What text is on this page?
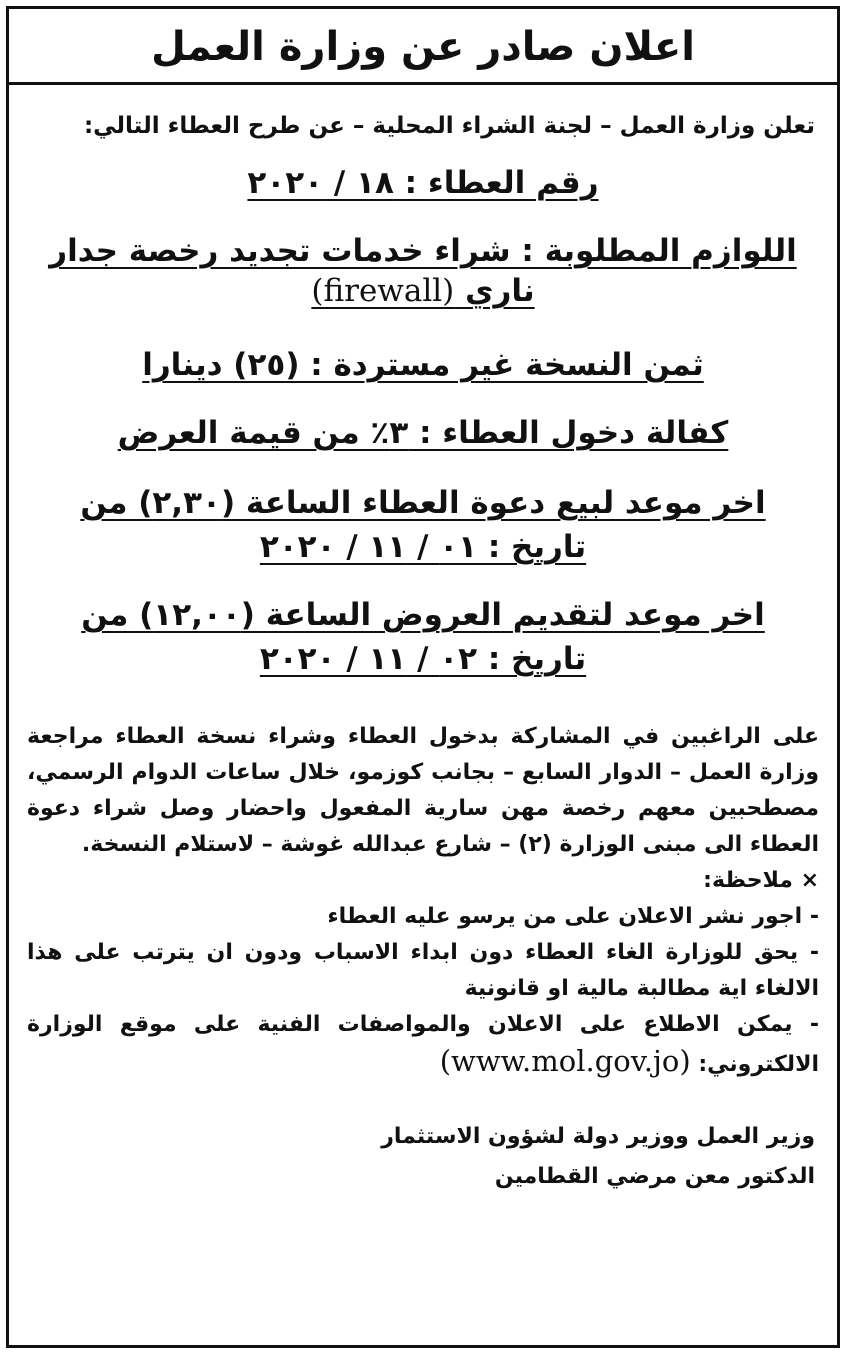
اعلان صادر عن وزارة العمل
تعلن وزارة العمل – لجنة الشراء المحلية – عن طرح العطاء التالي:
رقم العطاء : ١٨ / ٢٠٢٠
اللوازم المطلوبة : شراء خدمات تجديد رخصة جدار
ناري (firewall)
ثمن النسخة غير مستردة : (٢٥) دينارا
كفالة دخول العطاء : ٣٪ من قيمة العرض
اخر موعد لبيع دعوة العطاء الساعة (٢,٣٠) من
تاريخ : ٠١ / ١١ / ٢٠٢٠
اخر موعد لتقديم العروض الساعة (١٢,٠٠) من
تاريخ : ٠٢ / ١١ / ٢٠٢٠
على الراغبين في المشاركة بدخول العطاء وشراء نسخة العطاء مراجعة وزارة العمل – الدوار السابع – بجانب كوزمو، خلال ساعات الدوام الرسمي، مصطحبين معهم رخصة مهن سارية المفعول واحضار وصل شراء دعوة العطاء الى مبنى الوزارة (٢) – شارع عبدالله غوشة – لاستلام النسخة.
× ملاحظة:
- اجور نشر الاعلان على من يرسو عليه العطاء
- يحق للوزارة الغاء العطاء دون ابداء الاسباب ودون ان يترتب على هذا الالغاء اية مطالبة مالية او قانونية
- يمكن الاطلاع على الاعلان والمواصفات الفنية على موقع الوزارة الالكتروني: (www.mol.gov.jo)
وزير العمل ووزير دولة لشؤون الاستثمار
الدكتور معن مرضي القطامين
